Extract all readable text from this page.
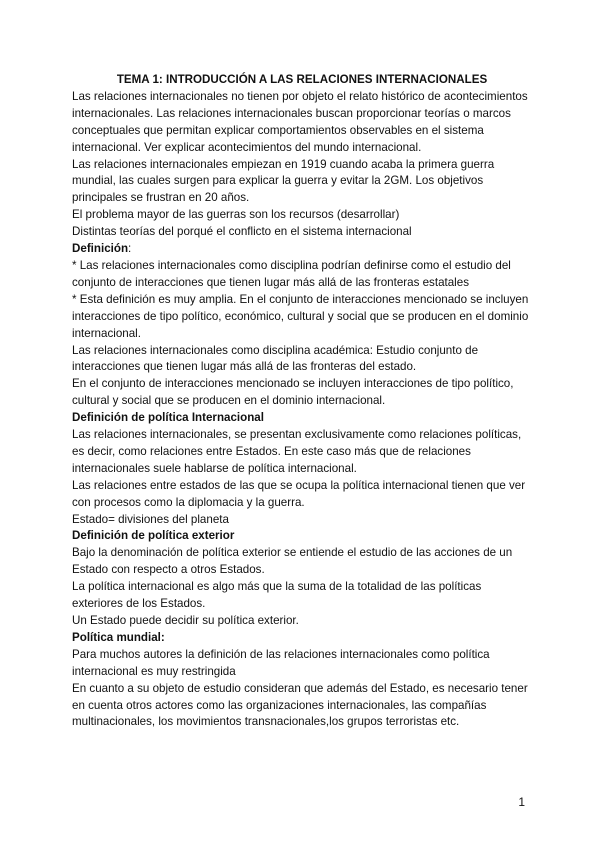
TEMA 1: INTRODUCCIÓN A LAS RELACIONES INTERNACIONALES

Las relaciones internacionales no tienen por objeto el relato histórico de acontecimientos internacionales. Las relaciones internacionales buscan proporcionar teorías o marcos conceptuales que permitan explicar comportamientos observables en el sistema internacional. Ver explicar acontecimientos del mundo internacional.

Las relaciones internacionales empiezan en 1919 cuando acaba la primera guerra mundial, las cuales surgen para explicar la guerra y evitar la 2GM. Los objetivos principales se frustran en 20 años.

El problema mayor de las guerras son los recursos (desarrollar)

Distintas teorías del porqué el conflicto en el sistema internacional

Definición:

* Las relaciones internacionales como disciplina podrían definirse como el estudio del conjunto de interacciones que tienen lugar más allá de las fronteras estatales

* Esta definición es muy amplia. En el conjunto de interacciones mencionado se incluyen interacciones de tipo político, económico, cultural y social que se producen en el dominio internacional.

Las relaciones internacionales como disciplina académica: Estudio conjunto de interacciones que tienen lugar más allá de las fronteras del estado.

En el conjunto de interacciones mencionado se incluyen interacciones de tipo político, cultural y social que se producen en el dominio internacional.

Definición de política Internacional

Las relaciones internacionales, se presentan exclusivamente como relaciones políticas, es decir, como relaciones entre Estados. En este caso más que de relaciones internacionales suele hablarse de política internacional.

Las relaciones entre estados de las que se ocupa la política internacional tienen que ver con procesos como la diplomacia y la guerra.

Estado= divisiones del planeta

Definición de política exterior

Bajo la denominación de política exterior se entiende el estudio de las acciones de un Estado con respecto a otros Estados.

La política internacional es algo más que la suma de la totalidad de las políticas exteriores de los Estados.

Un Estado puede decidir su política exterior.

Política mundial:

Para muchos autores la definición de las relaciones internacionales como política internacional es muy restringida

En cuanto a su objeto de estudio consideran que además del Estado, es necesario tener en cuenta otros actores como las organizaciones internacionales, las compañías multinacionales, los movimientos transnacionales,los grupos terroristas etc.

1
